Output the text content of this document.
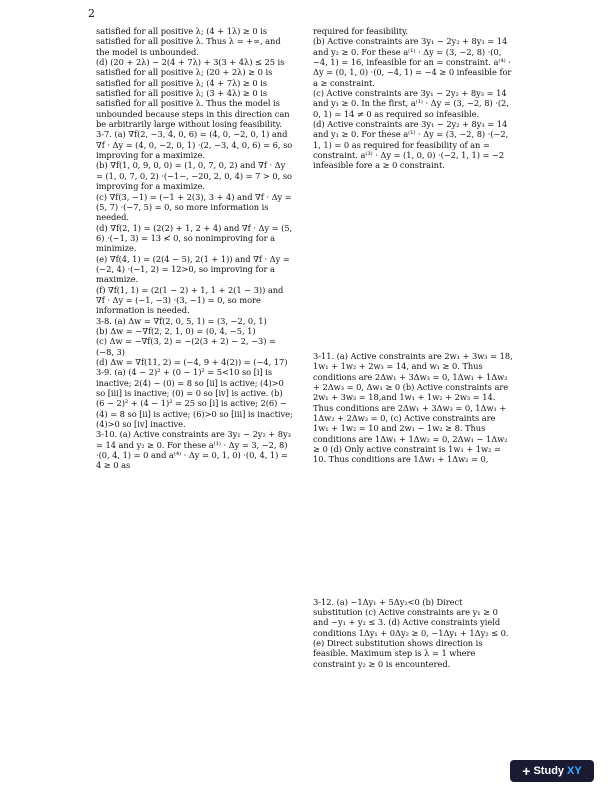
2

satisfied for all positive λ; (4 + 1λ) ≥ 0 is satisfied for all positive λ. Thus λ = +∞, and the model is unbounded.

(d) (20 + 2λ) − 2(4 + 7λ) + 3(3 + 4λ) ≤ 25 is satisfied for all positive λ; (20 + 2λ) ≥ 0 is satisfied for all positive λ; (4 + 7λ) ≥ 0 is satisfied for all positive λ; (3 + 4λ) ≥ 0 is satisfied for all positive λ. Thus the model is unbounded because steps in this direction can be arbitrarily large without losing feasibility.

3-7. (a) ∇f(2, −3, 4, 0, 6) = (4, 0, −2, 0, 1) and ∇f · Δy = (4, 0, −2, 0, 1) ·(2, −3, 4, 0, 6) = 6, so improving for a maximize.

(b) ∇f(1, 0, 9, 0, 0) = (1, 0, 7, 0, 2) and ∇f · Δy = (1, 0, 7, 0, 2) ·(−1−, −20, 2, 0, 4) = 7 > 0, so improving for a maximize.

(c) ∇f(3, −1) = (−1 + 2(3), 3 + 4) and ∇f · Δy = (5, 7) ·(−7, 5) = 0, so more information is needed.

(d) ∇f(2, 1) = (2(2) + 1, 2 + 4) and ∇f · Δy = (5, 6) ·(−1, 3) = 13 ≮ 0, so nonimproving for a minimize.

(e) ∇f(4, 1) = (2(4 − 5), 2(1 + 1)) and ∇f · Δy = (−2, 4) ·(−1, 2) = 12>0, so improving for a maximize.

(f) ∇f(1, 1) = (2(1 − 2) + 1, 1 + 2(1 − 3)) and ∇f · Δy = (−1, −3) ·(3, −1) = 0, so more information is needed.

3-8. (a) Δw = ∇f(2, 0, 5, 1) = (3, −2, 0, 1)

(b) Δw = −∇f(2, 2, 1, 0) = (0, 4, −5, 1)

(c) Δw = −∇f(3, 2) = −(2(3 + 2) − 2, −3) = (−8, 3)

(d) Δw = ∇f(11, 2) = (−4, 9 + 4(2)) = (−4, 17)

3-9. (a) (4 − 2)² + (0 − 1)² = 5<10 so [i] is inactive; 2(4) − (0) = 8 so [ii] is active; (4)>0 so [iii] is inactive; (0) = 0 so [iv] is active. (b) (6 − 2)² + (4 − 1)² = 25 so [i] is active; 2(6) − (4) = 8 so [ii] is active; (6)>0 so [iii] is inactive; (4)>0 so [iv] inactive.

3-10. (a) Active constraints are 3y₁ − 2y₂ + 8y₃ = 14 and y₂ ≥ 0. For these a⁽¹⁾ · Δy = 3, −2, 8) ·(0, 4, 1) = 0 and a⁽⁴⁾ · Δy = 0, 1, 0) ·(0, 4, 1) = 4 ≥ 0 as

required for feasibility.

(b) Active constraints are 3y₁ − 2y₂ + 8y₃ = 14 and y₂ ≥ 0. For these a⁽¹⁾ · Δy = (3, −2, 8) ·(0, −4, 1) = 16, infeasible for an = constraint. a⁽⁴⁾ · Δy = (0, 1, 0) ·(0, −4, 1) = −4 ≥ 0 infeasible for a ≥ constraint.

(c) Active constraints are 3y₁ − 2y₂ + 8y₃ = 14 and y₁ ≥ 0. In the first, a⁽¹⁾ · Δy = (3, −2, 8) ·(2, 0, 1) = 14 ≠ 0 as required so infeasible.

(d) Active constraints are 3y₁ − 2y₂ + 8y₃ = 14 and y₁ ≥ 0. For these a⁽¹⁾ · Δy = (3, −2, 8) ·(−2, 1, 1) = 0 as required for feasibility of an = constraint. a⁽³⁾ · Δy = (1, 0, 0) ·(−2, 1, 1) = −2 infeasible fore a ≥ 0 constraint.

3-11. (a) Active constraints are 2w₁ + 3w₃ = 18, 1w₁ + 1w₂ + 2w₃ = 14, and w₁ ≥ 0. Thus conditions are 2Δw₁ + 3Δw₃ = 0, 1Δw₁ + 1Δw₂ + 2Δw₃ = 0, Δw₁ ≥ 0 (b) Active constraints are 2w₁ + 3w₃ = 18,and 1w₁ + 1w₂ + 2w₃ = 14. Thus conditions are 2Δw₁ + 3Δw₃ = 0, 1Δw₁ + 1Δw₂ + 2Δw₃ = 0, (c) Active constraints are 1w₁ + 1w₂ = 10 and 2w₁ − 1w₂ ≥ 8. Thus conditions are 1Δw₁ + 1Δw₂ = 0, 2Δw₁ − 1Δw₂ ≥ 0 (d) Only active constraint is 1w₁ + 1w₂ = 10. Thus conditions are 1Δw₁ + 1Δw₂ = 0,

3-12. (a) −1Δy₁ + 5Δy₂<0 (b) Direct substitution (c) Active constraints are y₁ ≥ 0 and −y₁ + y₂ ≤ 3. (d) Active constraints yield conditions 1Δy₁ + 0Δy₂ ≥ 0, −1Δy₁ + 1Δy₂ ≤ 0. (e) Direct substitution shows direction is feasible. Maximum step is λ = 1 where constraint y₂ ≥ 0 is encountered.

+ Study XY
